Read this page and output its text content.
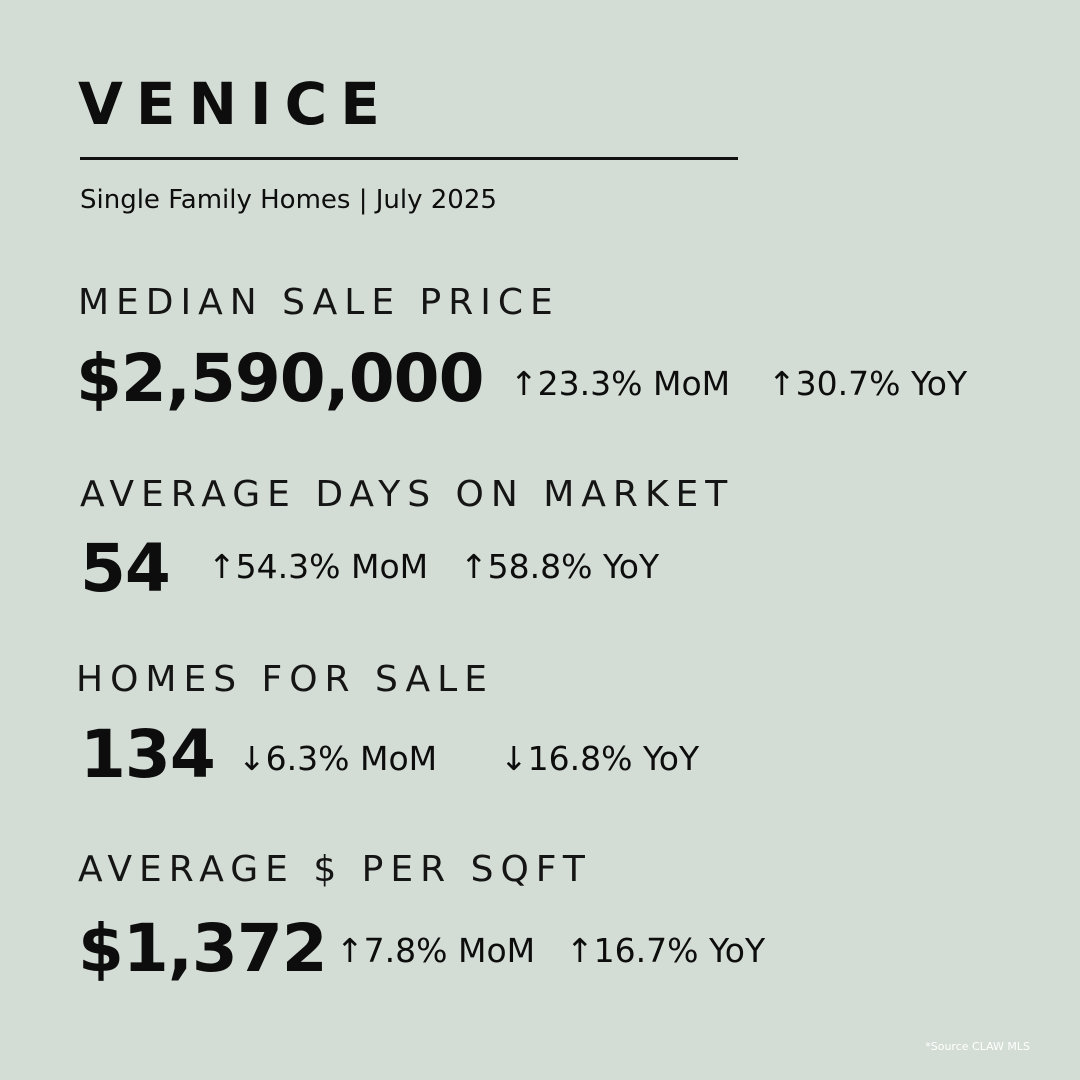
VENICE
Single Family Homes | July 2025
MEDIAN SALE PRICE
$2,590,000 ↑23.3% MoM ↑30.7% YoY
AVERAGE DAYS ON MARKET
54 ↑54.3% MoM ↑58.8% YoY
HOMES FOR SALE
134 ↓6.3% MoM ↓16.8% YoY
AVERAGE $ PER SQFT
$1,372 ↑7.8% MoM ↑16.7% YoY
*Source CLAW MLS
